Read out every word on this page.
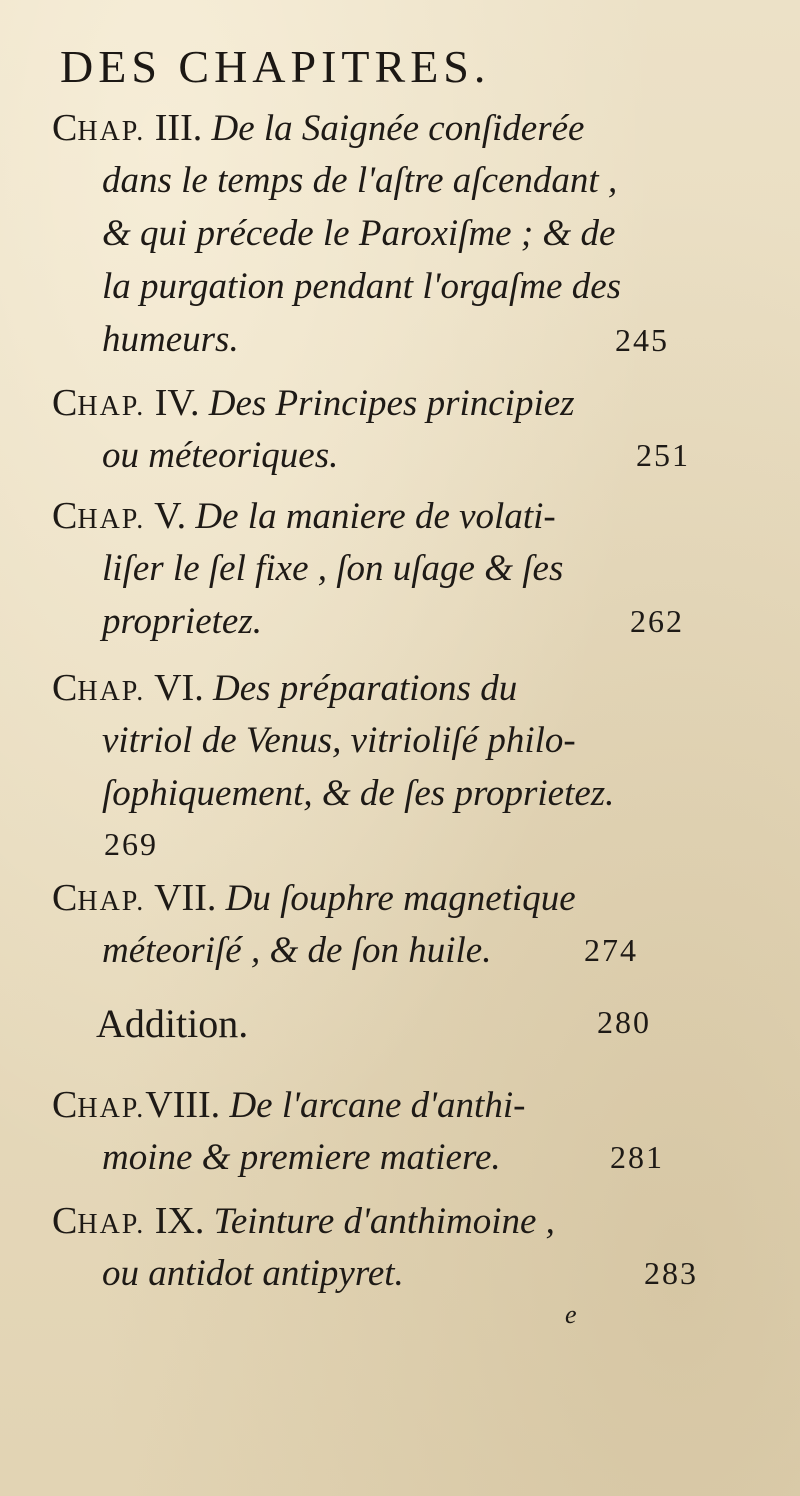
DES CHAPITRES.
CHAP. III. De la Saignée conſiderée
dans le temps de l'aſtre aſcendant ,
& qui précede le Paroxiſme ; & de
la purgation pendant l'orgaſme des
humeurs.	245
CHAP. IV. Des Principes principiez
ou méteoriques.	251
CHAP. V. De la maniere de volati-
liſer le ſel fixe , ſon uſage & ſes
proprietez.	262
CHAP. VI. Des préparations du
vitriol de Venus, vitrioliſé philo-
ſophiquement, & de ſes proprietez.
269
CHAP. VII. Du ſouphre magnetique
méteoriſé , & de ſon huile.	274
Addition.	280
CHAP.VIII. De l'arcane d'anthi-
moine & premiere matiere.	281
CHAP. IX. Teinture d'anthimoine ,
ou antidot antipyret.	283
e
